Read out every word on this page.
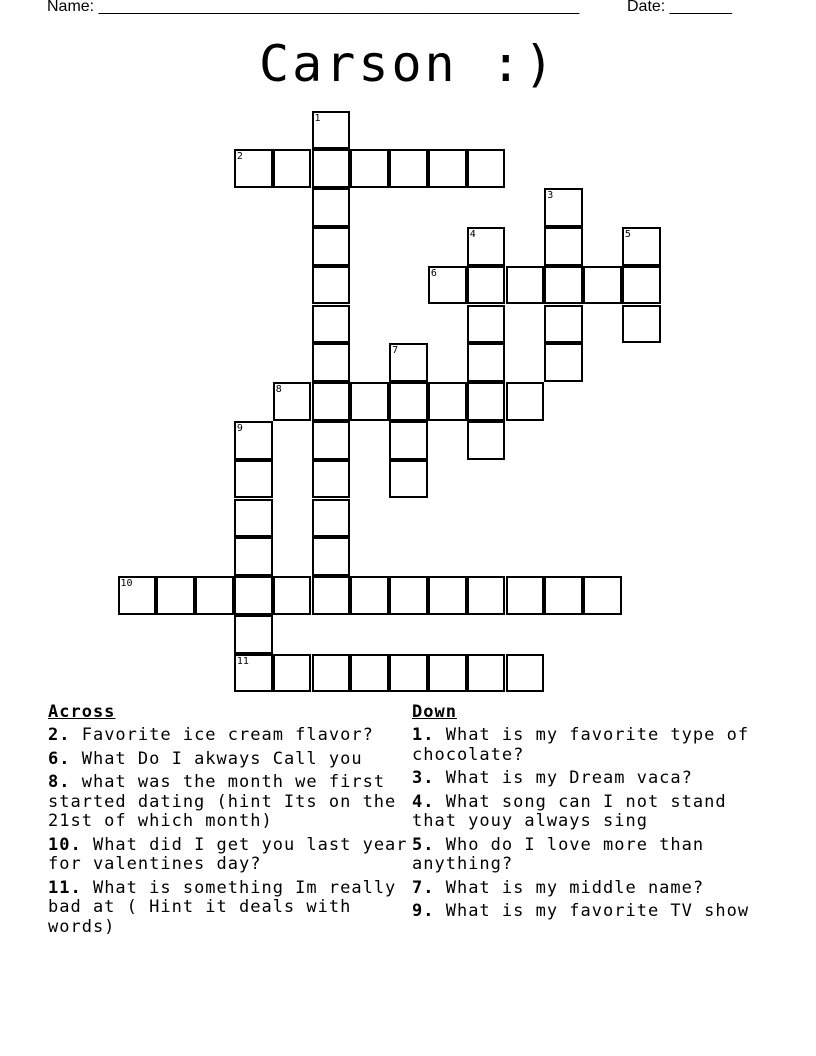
Name: ______________________________________________________	Date: _______
Carson :)
2
6
8
10
11
1
3
4	5
7
9
Across
2. Favorite ice cream flavor?
6. What Do I akways Call you
8. what was the month we first started dating (hint Its on the 21st of which month)
10. What did I get you last year for valentines day?
11. What is something Im really bad at ( Hint it deals with words)
Down
1. What is my favorite type of chocolate?
3. What is my Dream vaca?
4. What song can I not stand that youy always sing
5. Who do I love more than anything?
7. What is my middle name?
9. What is my favorite TV show
